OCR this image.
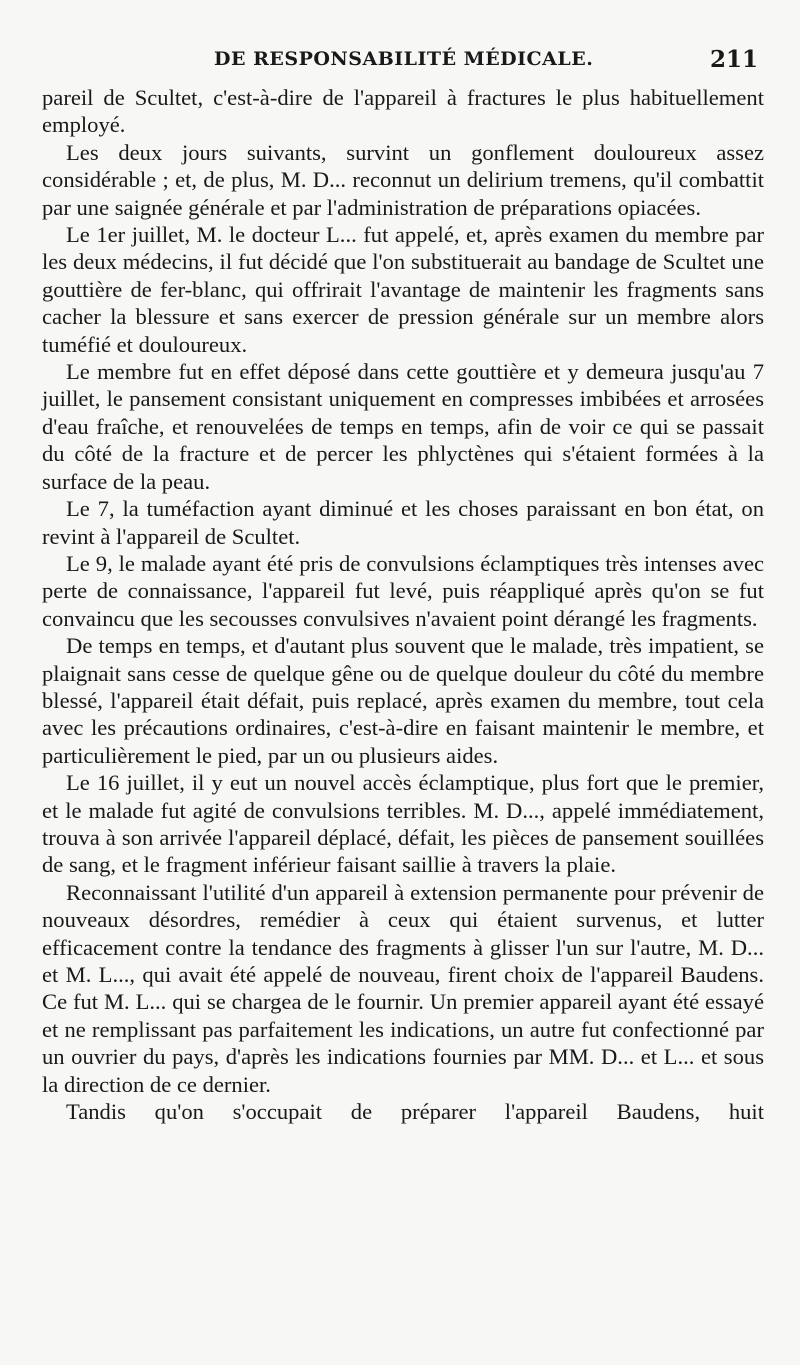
DE RESPONSABILITÉ MÉDICALE.	211

pareil de Scultet, c'est-à-dire de l'appareil à fractures le plus habituellement employé.

Les deux jours suivants, survint un gonflement douloureux assez considérable ; et, de plus, M. D... reconnut un delirium tremens, qu'il combattit par une saignée générale et par l'administration de préparations opiacées.

Le 1er juillet, M. le docteur L... fut appelé, et, après examen du membre par les deux médecins, il fut décidé que l'on substituerait au bandage de Scultet une gouttière de fer-blanc, qui offrirait l'avantage de maintenir les fragments sans cacher la blessure et sans exercer de pression générale sur un membre alors tuméfié et douloureux.

Le membre fut en effet déposé dans cette gouttière et y demeura jusqu'au 7 juillet, le pansement consistant uniquement en compresses imbibées et arrosées d'eau fraîche, et renouvelées de temps en temps, afin de voir ce qui se passait du côté de la fracture et de percer les phlyctènes qui s'étaient formées à la surface de la peau.

Le 7, la tuméfaction ayant diminué et les choses paraissant en bon état, on revint à l'appareil de Scultet.

Le 9, le malade ayant été pris de convulsions éclamptiques très intenses avec perte de connaissance, l'appareil fut levé, puis réappliqué après qu'on se fut convaincu que les secousses convulsives n'avaient point dérangé les fragments.

De temps en temps, et d'autant plus souvent que le malade, très impatient, se plaignait sans cesse de quelque gêne ou de quelque douleur du côté du membre blessé, l'appareil était défait, puis replacé, après examen du membre, tout cela avec les précautions ordinaires, c'est-à-dire en faisant maintenir le membre, et particulièrement le pied, par un ou plusieurs aides.

Le 16 juillet, il y eut un nouvel accès éclamptique, plus fort que le premier, et le malade fut agité de convulsions terribles. M. D..., appelé immédiatement, trouva à son arrivée l'appareil déplacé, défait, les pièces de pansement souillées de sang, et le fragment inférieur faisant saillie à travers la plaie.

Reconnaissant l'utilité d'un appareil à extension permanente pour prévenir de nouveaux désordres, remédier à ceux qui étaient survenus, et lutter efficacement contre la tendance des fragments à glisser l'un sur l'autre, M. D... et M. L..., qui avait été appelé de nouveau, firent choix de l'appareil Baudens. Ce fut M. L... qui se chargea de le fournir. Un premier appareil ayant été essayé et ne remplissant pas parfaitement les indications, un autre fut confectionné par un ouvrier du pays, d'après les indications fournies par MM. D... et L... et sous la direction de ce dernier.

Tandis qu'on s'occupait de préparer l'appareil Baudens, huit
